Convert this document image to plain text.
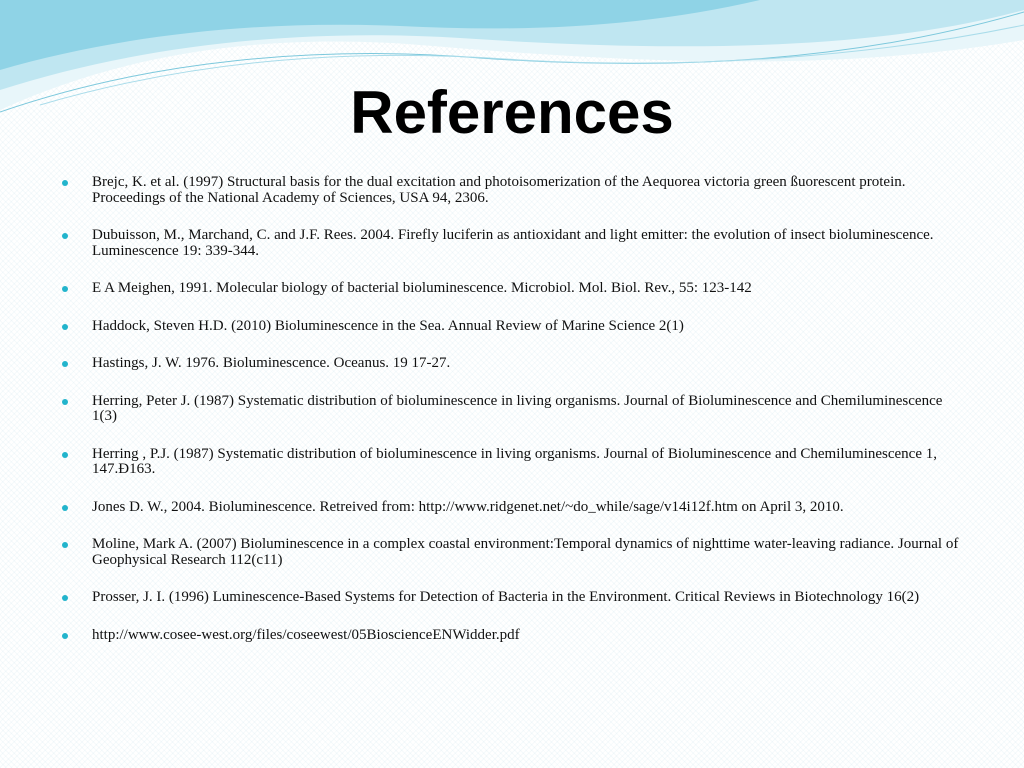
References
Brejc, K. et al. (1997) Structural basis for the dual excitation and photoisomerization of the Aequorea victoria green ßuorescent protein. Proceedings of the National Academy of Sciences, USA 94, 2306.
Dubuisson, M., Marchand, C. and J.F. Rees. 2004. Firefly luciferin as antioxidant and light emitter: the evolution of insect bioluminescence. Luminescence 19: 339-344.
E A Meighen, 1991. Molecular biology of bacterial bioluminescence. Microbiol. Mol. Biol. Rev., 55: 123-142
Haddock, Steven H.D. (2010) Bioluminescence in the Sea. Annual Review of Marine Science 2(1)
Hastings, J. W. 1976. Bioluminescence. Oceanus. 19 17-27.
Herring, Peter J. (1987) Systematic distribution of bioluminescence in living organisms. Journal of Bioluminescence and Chemiluminescence 1(3)
Herring , P.J. (1987) Systematic distribution of bioluminescence in living organisms. Journal of Bioluminescence and Chemiluminescence 1, 147.Ð163.
Jones D. W., 2004. Bioluminescence. Retreived from: http://www.ridgenet.net/~do_while/sage/v14i12f.htm on April 3, 2010.
Moline, Mark A. (2007) Bioluminescence in a complex coastal environment:Temporal dynamics of nighttime water-leaving radiance. Journal of Geophysical Research 112(c11)
Prosser, J. I. (1996) Luminescence-Based Systems for Detection of Bacteria in the Environment. Critical Reviews in Biotechnology 16(2)
http://www.cosee-west.org/files/coseewest/05BioscienceENWidder.pdf
